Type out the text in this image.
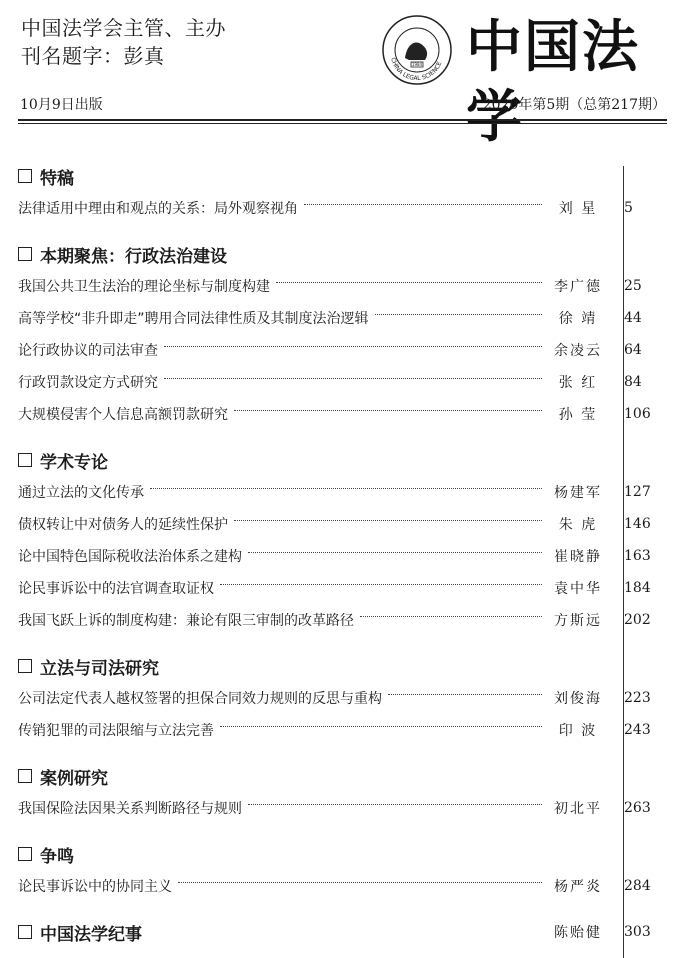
中国法学会主管、主办
刊名题字：彭真	1984
CHINA LEGAL SCIENCE 中国法学
10月9日出版	2020年第5期（总第217期）
特稿
法律适用中理由和观点的关系：局外观察视角	刘 星	5
本期聚焦：行政法治建设
我国公共卫生法治的理论坐标与制度构建	李广德	25
高等学校“非升即走”聘用合同法律性质及其制度法治逻辑	徐 靖	44
论行政协议的司法审查	余凌云	64
行政罚款设定方式研究	张 红	84
大规模侵害个人信息高额罚款研究	孙 莹	106
学术专论
通过立法的文化传承	杨建军	127
债权转让中对债务人的延续性保护	朱 虎	146
论中国特色国际税收法治体系之建构	崔晓静	163
论民事诉讼中的法官调查取证权	袁中华	184
我国飞跃上诉的制度构建：兼论有限三审制的改革路径	方斯远	202
立法与司法研究
公司法定代表人越权签署的担保合同效力规则的反思与重构	刘俊海	223
传销犯罪的司法限缩与立法完善	印 波	243
案例研究
我国保险法因果关系判断路径与规则	初北平	263
争鸣
论民事诉讼中的协同主义	杨严炎	284
中国法学纪事	陈贻健	303
